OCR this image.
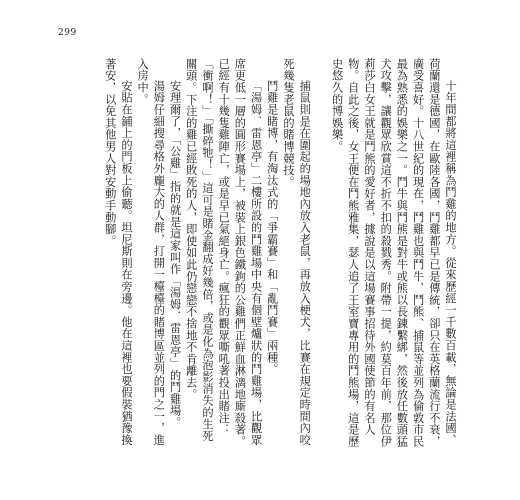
299

十年間都將這裡稱為鬥雞的地方。從來歷經一千數百載，無論是法國、荷蘭還是德國，在歐陸各國，鬥雞都早已是傳統，卻只在英格蘭流行不衰，廣受喜好。十八世紀的現在，鬥雞也與鬥牛、鬥熊、捕鼠等並列為倫敦市民最為熟悉的娛樂之一。鬥牛與鬥熊是對牛或熊以長鍊繫綁，然後放任數頭猛犬攻擊，讓觀眾欣賞這不折不扣的殺戮秀。附帶一提，約莫百年前，那位伊莉莎白女王就是鬥熊的愛好者，據說是以這場賽事招待外國使節的有名人物。自此之後，女王便在鬥熊雅集，瑟人追了王室寶專用的鬥熊場，這是歷史悠久的博娛樂。

捕鼠則是在圍起的場地內放入老鼠，再放入梗犬，比賽在規定時間內咬死幾隻老鼠的賭博競技。

鬥雞是睹博，有淘汰式的「爭霸賽」和「亂鬥賽」兩種。

「湯姆．雷恩亭」二樓所設的鬥雞場中央有個壁爐狀的鬥雞場，比觀眾席更低一層的圓形賽場上，被裝上銀色鐵鉤的公雞們正鮮血淋漓地廝殺著。已經有十幾隻雞陣亡，或是早已氣絕身亡。瘋狂的觀眾嘶吼著投出賭注：「衝啊！」「撕碎牠！」這可是賭金翻成好幾倍，或是化為泡影消失的生死關頭。下注的雞已經敗死的人，即使如此仍戀戀不捨地不肯離去。

安理爾了，「公雞」指的就是這家叫作「湯姆．雷恩亭」的鬥雞場。

湯姆仔細搜尋格外龐大的人群，打開一檯檯的賭博區並列的門之一，進入房中。

安貼在鋪上的門板上偷聽。坦尼斯則在旁邊。他在這裡也要假裝猶豫換著安，以免其他男人對安動手動腳。
